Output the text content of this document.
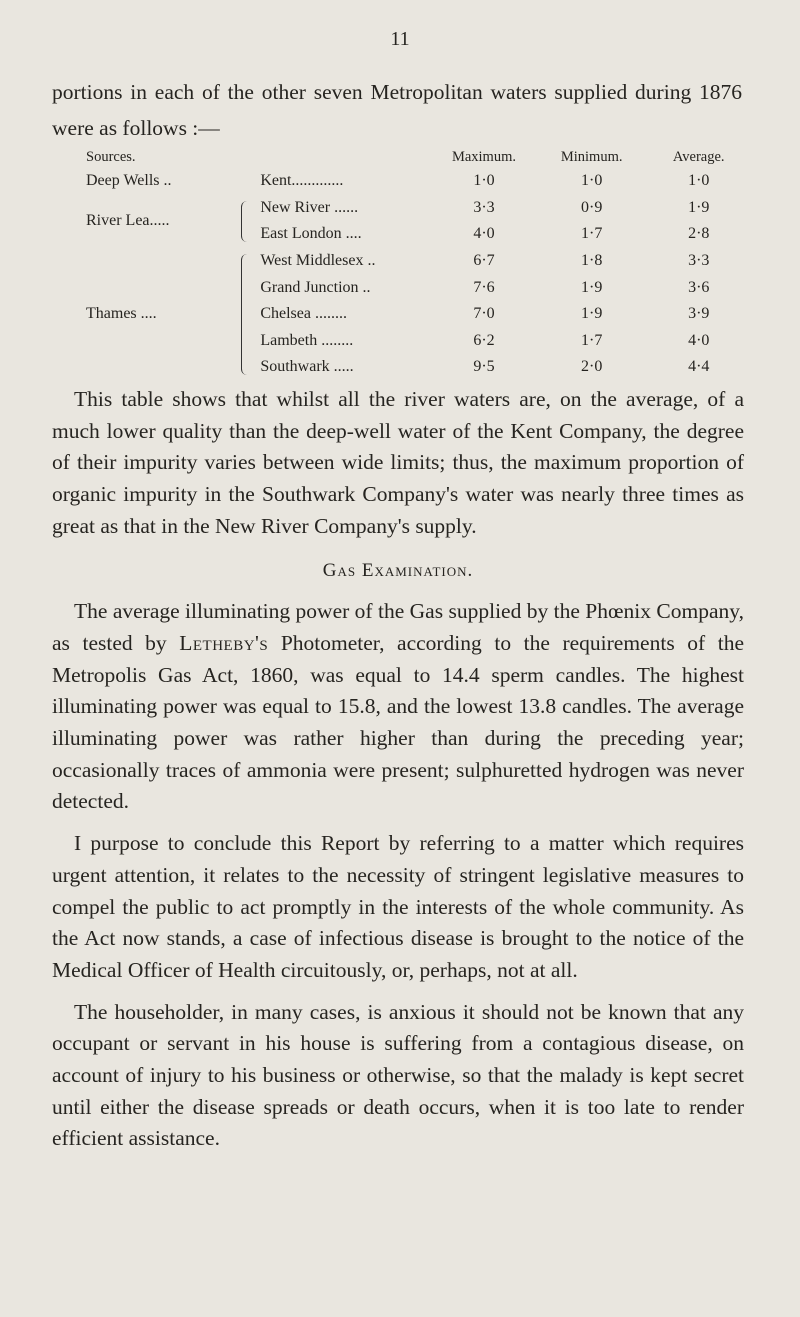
11

portions in each of the other seven Metropolitan waters supplied during 1876 were as follows :—

Sources.		Maximum.	Minimum.	Average.
Deep Wells ..	Kent.............	1·0	1·0	1·0
River Lea.....	New River ......	3·3	0·9	1·9
	East London ....	4·0	1·7	2·8
Thames ....	West Middlesex ..	6·7	1·8	3·3
	Grand Junction ..	7·6	1·9	3·6
	Chelsea ........	7·0	1·9	3·9
	Lambeth ........	6·2	1·7	4·0
	Southwark .....	9·5	2·0	4·4

This table shows that whilst all the river waters are, on the average, of a much lower quality than the deep-well water of the Kent Company, the degree of their impurity varies between wide limits; thus, the maximum proportion of organic impurity in the Southwark Company's water was nearly three times as great as that in the New River Company's supply.

Gas Examination.

The average illuminating power of the Gas supplied by the Phœnix Company, as tested by Letheby's Photometer, according to the requirements of the Metropolis Gas Act, 1860, was equal to 14.4 sperm candles. The highest illuminating power was equal to 15.8, and the lowest 13.8 candles. The average illuminating power was rather higher than during the preceding year; occasionally traces of ammonia were present; sulphuretted hydrogen was never detected.

I purpose to conclude this Report by referring to a matter which requires urgent attention, it relates to the necessity of stringent legislative measures to compel the public to act promptly in the interests of the whole community. As the Act now stands, a case of infectious disease is brought to the notice of the Medical Officer of Health circuitously, or, perhaps, not at all.

The householder, in many cases, is anxious it should not be known that any occupant or servant in his house is suffering from a contagious disease, on account of injury to his business or otherwise, so that the malady is kept secret until either the disease spreads or death occurs, when it is too late to render efficient assistance.
